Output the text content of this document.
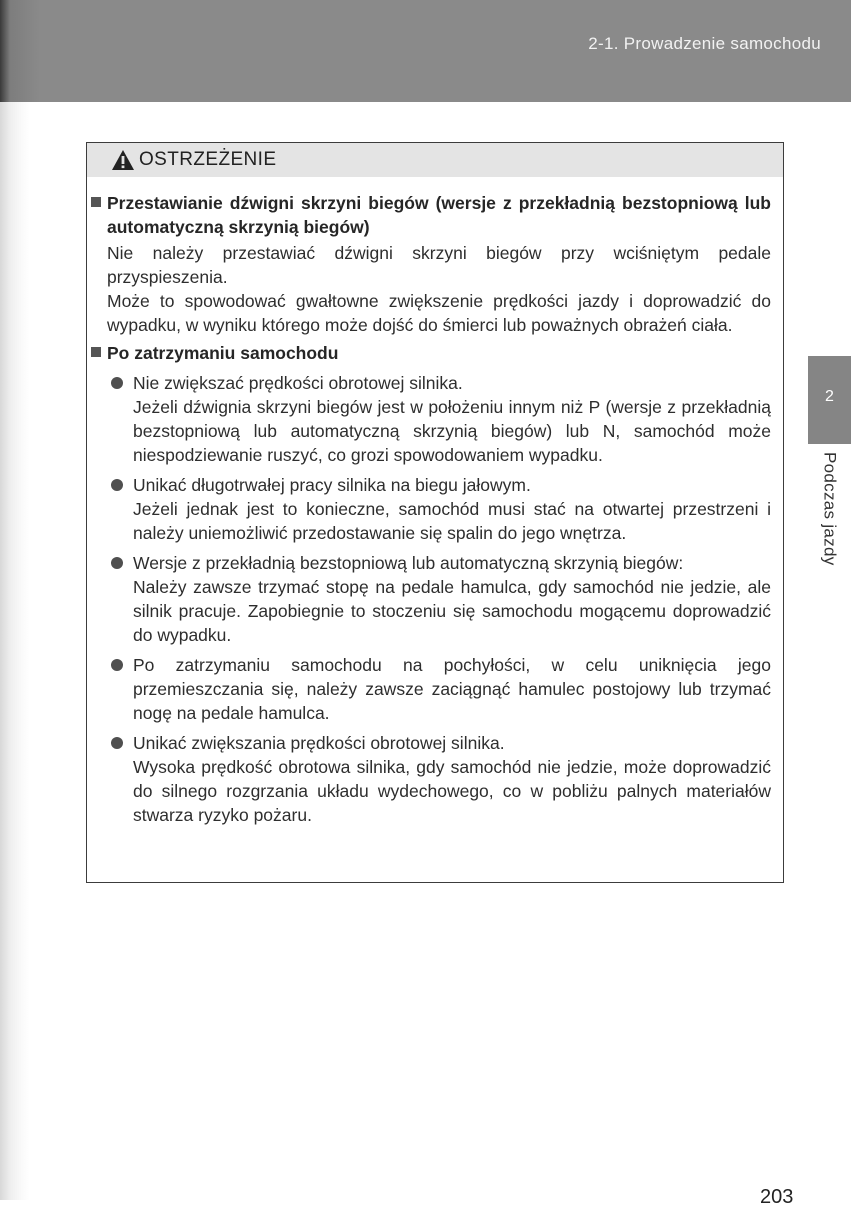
2-1. Prowadzenie samochodu
2
Podczas jazdy
OSTRZEŻENIE
Przestawianie dźwigni skrzyni biegów (wersje z przekładnią bezstopniową lub automatyczną skrzynią biegów)
Nie należy przestawiać dźwigni skrzyni biegów przy wciśniętym pedale przyspieszenia.
Może to spowodować gwałtowne zwiększenie prędkości jazdy i doprowadzić do wypadku, w wyniku którego może dojść do śmierci lub poważnych obrażeń ciała.
Po zatrzymaniu samochodu

Nie zwiększać prędkości obrotowej silnika.

Jeżeli dźwignia skrzyni biegów jest w położeniu innym niż P (wersje z przekładnią bezstopniową lub automatyczną skrzynią biegów) lub N, samochód może niespodziewanie ruszyć, co grozi spowodowaniem wypadku.

Unikać długotrwałej pracy silnika na biegu jałowym.

Jeżeli jednak jest to konieczne, samochód musi stać na otwartej przestrzeni i należy uniemożliwić przedostawanie się spalin do jego wnętrza.

Wersje z przekładnią bezstopniową lub automatyczną skrzynią biegów:

Należy zawsze trzymać stopę na pedale hamulca, gdy samochód nie jedzie, ale silnik pracuje. Zapobiegnie to stoczeniu się samochodu mogącemu doprowadzić do wypadku.

Po zatrzymaniu samochodu na pochyłości, w celu uniknięcia jego przemieszczania się, należy zawsze zaciągnąć hamulec postojowy lub trzymać nogę na pedale hamulca.

Unikać zwiększania prędkości obrotowej silnika.

Wysoka prędkość obrotowa silnika, gdy samochód nie jedzie, może doprowadzić do silnego rozgrzania układu wydechowego, co w pobliżu palnych materiałów stwarza ryzyko pożaru.

203
